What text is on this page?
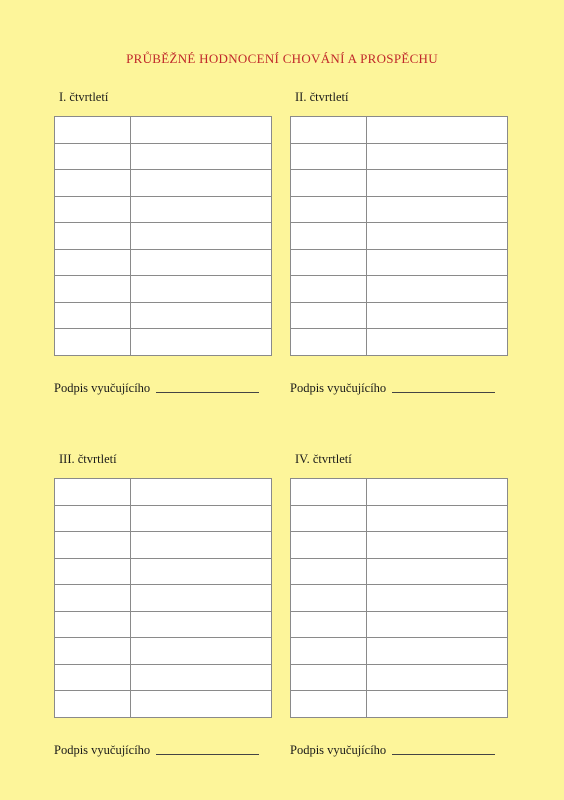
PRŮBĚŽNÉ HODNOCENÍ CHOVÁNÍ A PROSPĚCHU
I. čtvrtletí

Podpis vyučujícího
II. čtvrtletí

Podpis vyučujícího
III. čtvrtletí

Podpis vyučujícího
IV. čtvrtletí

Podpis vyučujícího
